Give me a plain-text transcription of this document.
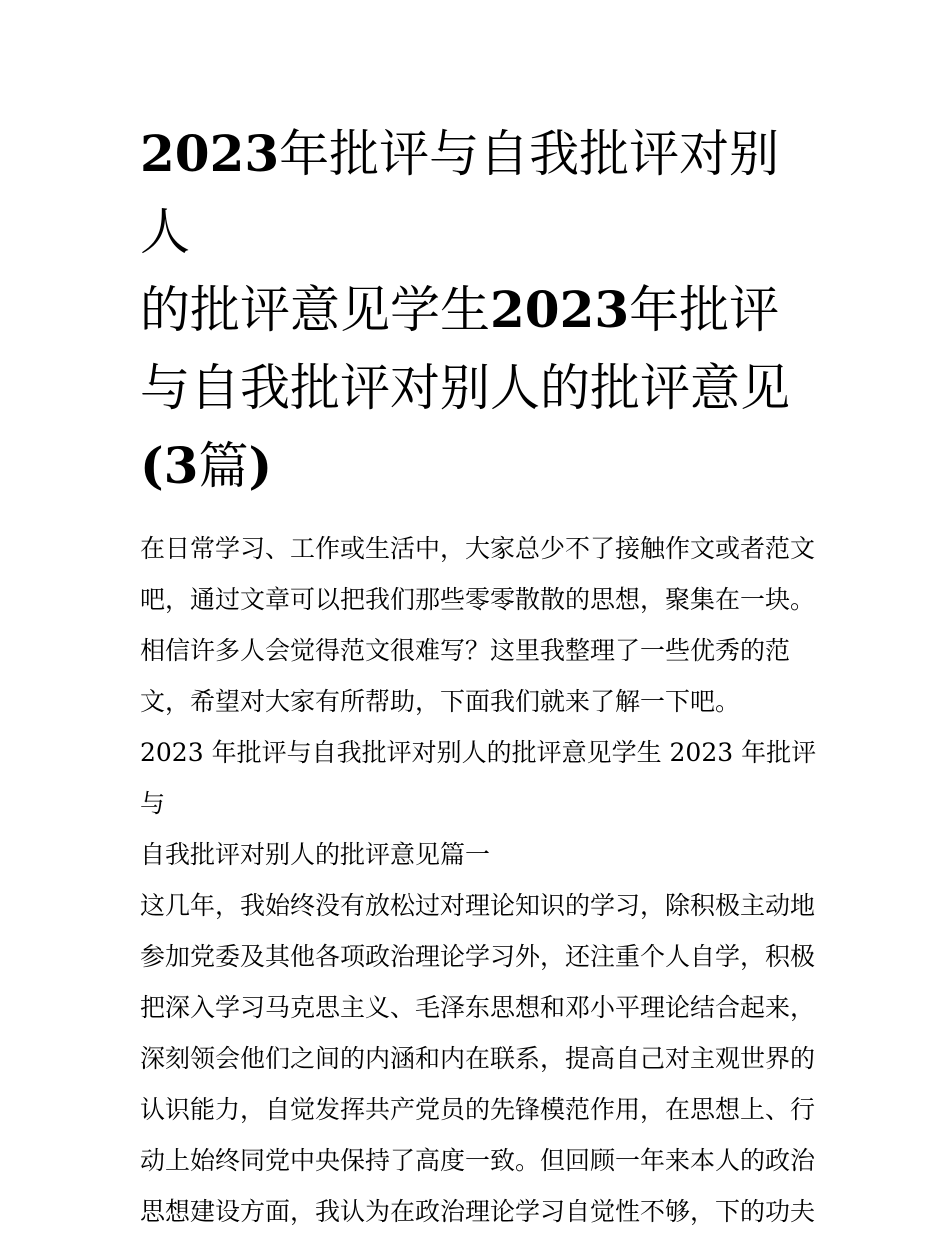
2023年批评与自我批评对别人
的批评意见学生2023年批评
与自我批评对别人的批评意见
(3篇)
在日常学习、工作或生活中，大家总少不了接触作文或者范文
吧，通过文章可以把我们那些零零散散的思想，聚集在一块。
相信许多人会觉得范文很难写？这里我整理了一些优秀的范
文，希望对大家有所帮助，下面我们就来了解一下吧。
2023 年批评与自我批评对别人的批评意见学生 2023 年批评与
自我批评对别人的批评意见篇一
这几年，我始终没有放松过对理论知识的学习，除积极主动地
参加党委及其他各项政治理论学习外，还注重个人自学，积极
把深入学习马克思主义、毛泽东思想和邓小平理论结合起来，
深刻领会他们之间的内涵和内在联系，提高自己对主观世界的
认识能力，自觉发挥共产党员的先锋模范作用，在思想上、行
动上始终同党中央保持了高度一致。但回顾一年来本人的政治
思想建设方面，我认为在政治理论学习自觉性不够，下的功夫
